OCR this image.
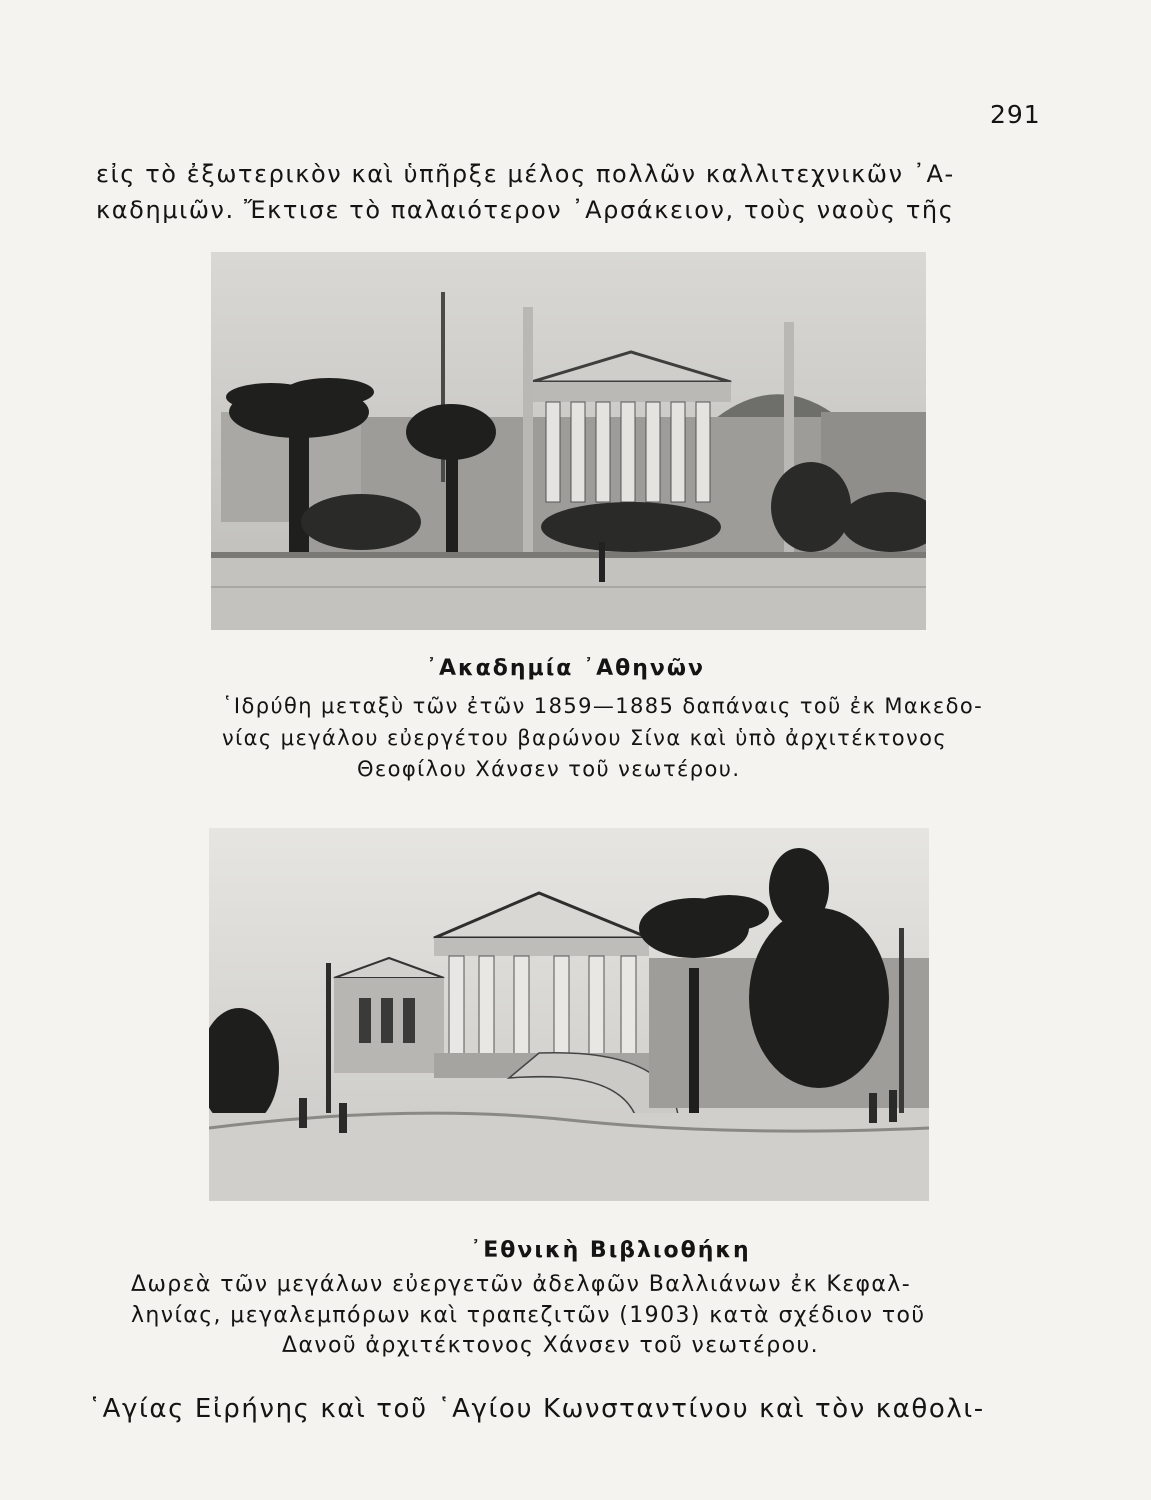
291
εἰς τὸ ἐξωτερικὸν καὶ ὑπῆρξε μέλος πολλῶν καλλιτεχνικῶν ᾿Α-
καδημιῶν. Ἔκτισε τὸ παλαιότερον ᾿Αρσάκειον, τοὺς ναοὺς τῆς
᾿Ακαδημία ᾿Αθηνῶν
῾Ιδρύθη μεταξὺ τῶν ἐτῶν 1859—1885 δαπάναις τοῦ ἐκ Μακεδο-
νίας μεγάλου εὐεργέτου βαρώνου Σίνα καὶ ὑπὸ ἀρχιτέκτονος
Θεοφίλου Χάνσεν τοῦ νεωτέρου.
᾿Εθνικὴ Βιβλιοθήκη
Δωρεὰ τῶν μεγάλων εὐεργετῶν ἀδελφῶν Βαλλιάνων ἐκ Κεφαλ-
ληνίας, μεγαλεμπόρων καὶ τραπεζιτῶν (1903) κατὰ σχέδιον τοῦ
Δανοῦ ἀρχιτέκτονος Χάνσεν τοῦ νεωτέρου.
῾Αγίας Εἰρήνης καὶ τοῦ ῾Αγίου Κωνσταντίνου καὶ τὸν καθολι-
